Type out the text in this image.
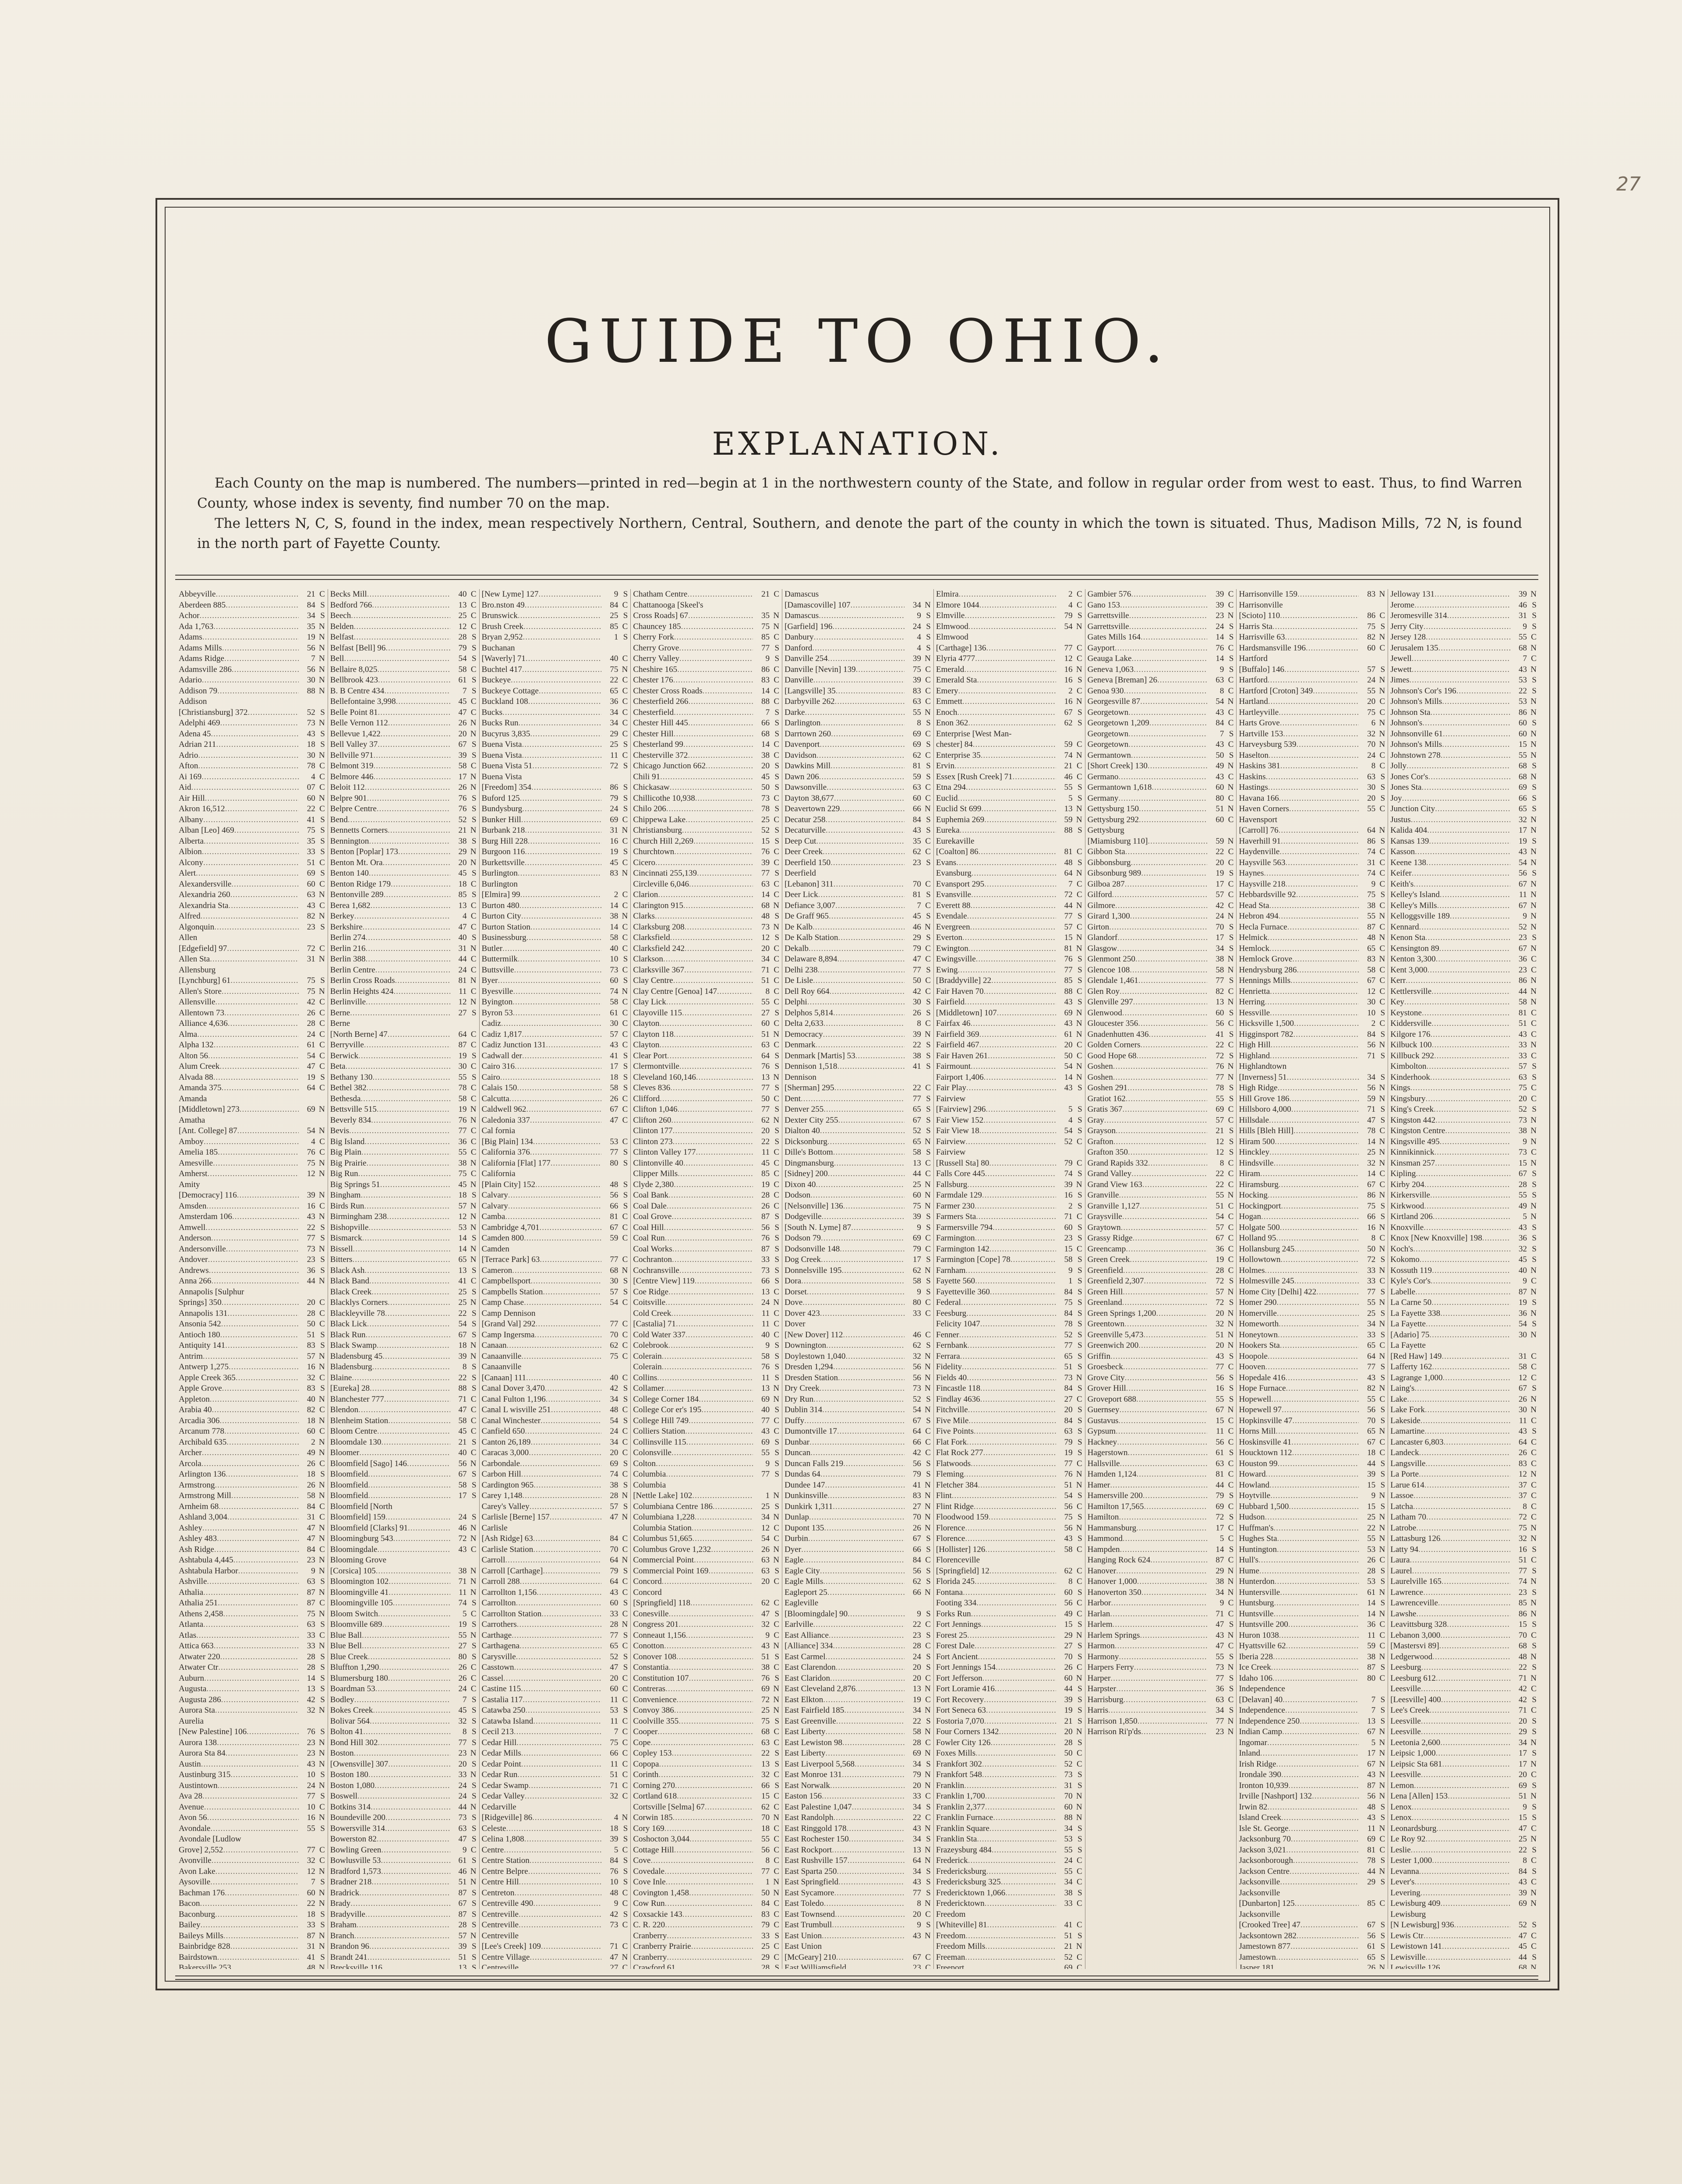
27
GUIDE TO OHIO.
EXPLANATION.

Each County on the map is numbered. The numbers—printed in red—begin at 1 in the northwestern county of the State, and follow in regular order from west to east. Thus, to find Warren County, whose index is seventy, find number 70 on the map.

The letters N, C, S, found in the index, mean respectively Northern, Central, Southern, and denote the part of the county in which the town is situated. Thus, Madison Mills, 72 N, is found in the north part of Fayette County.

Abbeyville
.....	21 C
Aberdeen 885
.....	84 S
Achor
.....	34 S
Ada 1,763
.....	35 N
Adams
.....	19 N
Adams Mills
.....	56 N
Adams Ridge
.....	7 N
Adamsville 286
.....	56 N
Adario
.....	30 N
Addison 79
.....	88 N
Addison
[Christiansburg] 372
.....	52 S
Adelphi 469
.....	73 N
Adena 45
.....	43 S
Adrian 211
.....	18 S
Adrio
.....	30 N
Afton
.....	78 C
Ai 169
.....	4 C
Aid
.....	07 C
Air Hill
.....	60 N
Akron 16,512
.....	22 C
Albany
.....	41 S
Alban [Leo] 469
.....	75 S
Alberta
.....	35 S
Albion
.....	33 S
Alcony
.....	51 C
Alert
.....	69 S
Alexandersville
.....	60 C
Alexandria 260
.....	63 N
Alexandria Sta
.....	43 C
Alfred
.....	82 N
Algonquin
.....	23 S
Allen
[Edgefield] 97
.....	72 C
Allen Sta
.....	31 N
Allensburg
[Lynchburg] 61
.....	75 S
Allen's Store
.....	75 N
Allensville
.....	42 C
Allentown 73
.....	26 C
Alliance 4,636
.....	28 C
Alma
.....	24 C
Alpha 132
.....	61 C
Alton 56
.....	54 C
Alum Creek
.....	47 C
Alvada 88
.....	19 S
Amanda 375
.....	64 C
Amanda
[Middletown] 273
.....	69 N
Amatha
[Ant. College] 87
.....	54 N
Amboy
.....	4 C
Amelia 185
.....	76 C
Amesville
.....	75 N
Amherst
.....	12 N
Amity
[Democracy] 116
.....	39 N
Amsden
.....	16 C
Amsterdam 106
.....	43 N
Amwell
.....	22 S
Anderson
.....	77 S
Andersonville
.....	73 N
Andover
.....	23 S
Andrews
.....	36 S
Anna 266
.....	44 N
Annapolis [Sulphur
Springs] 350
.....	20 C
Annapolis 131
.....	28 C
Ansonia 542
.....	50 C
Antioch 180
.....	51 S
Antiquity 141
.....	83 S
Antrim
.....	57 N
Antwerp 1,275
.....	16 N
Apple Creek 365
.....	32 C
Apple Grove
.....	83 S
Appleton
.....	40 N
Arabia 40
.....	82 C
Arcadia 306
.....	18 N
Arcanum 778
.....	60 C
Archibald 635
.....	2 N
Archer
.....	49 N
Arcola
.....	26 C
Arlington 136
.....	18 S
Armstrong
.....	26 N
Armstrong Mill
.....	58 N
Arnheim 68
.....	84 C
Ashland 3,004
.....	31 C
Ashley
.....	47 N
Ashley 483
.....	47 N
Ash Ridge
.....	84 C
Ashtabula 4,445
.....	23 N
Ashtabula Harbor
.....	9 N
Ashville
.....	63 S
Athalia
.....	87 N
Athalia 251
.....	87 C
Athens 2,458
.....	75 N
Atlanta
.....	63 S
Atlas
.....	33 C
Attica 663
.....	33 N
Atwater 220
.....	28 S
Atwater Ctr
.....	28 S
Auburn
.....	14 S
Augusta
.....	13 S
Augusta 286
.....	42 S
Aurora Sta
.....	32 N
Aurelia
[New Palestine] 106
.....	76 S
Aurora 138
.....	23 N
Aurora Sta 84
.....	23 N
Austin
.....	43 N
Austinburg 315
.....	10 S
Austintown
.....	24 N
Ava 28
.....	77 S
Avenue
.....	10 C
Avon 56
.....	16 N
Avondale
.....	55 S
Avondale [Ludlow
Grove] 2,552
.....	77 C
Avonville
.....	32 C
Avon Lake
.....	12 N
Aysoville
.....	7 S
Bachman 176
.....	60 N
Bacon
.....	22 N
Baconburg
.....	18 S
Bailey
.....	33 S
Baileys Mills
.....	87 N
Bainbridge 828
.....	31 N
Bairdstown
.....	41 S
Bakersville 253
.....	48 N
Becks Mill
.....	40 C
Bedford 766
.....	13 C
Beech
.....	25 C
Belden
.....	12 C
Belfast
.....	28 S
Belfast [Bell] 96
.....	79 S
Bell
.....	54 S
Bellaire 8,025
.....	58 C
Bellbrook 423
.....	61 S
B. B Centre 434
.....	7 S
Bellefontaine 3,998
.....	45 C
Belle Point 81
.....	47 C
Belle Vernon 112
.....	26 N
Bellevue 1,422
.....	20 N
Bell Valley 37
.....	67 S
Bellville 971
.....	39 S
Belmont 319
.....	58 C
Belmore 446
.....	17 N
Beloit 112
.....	26 N
Belpre 901
.....	76 S
Belpre Centre
.....	76 S
Bend
.....	52 S
Bennetts Corners
.....	21 N
Bennington
.....	38 S
Benton [Poplar] 173
.....	29 N
Benton Mt. Ora
.....	20 N
Benton 140
.....	45 S
Benton Ridge 179
.....	18 C
Bentonville 289
.....	85 S
Berea 1,682
.....	13 C
Berkey
.....	4 C
Berkshire
.....	47 C
Berlin 274
.....	40 S
Berlin 216
.....	31 N
Berlin 388
.....	44 C
Berlin Centre
.....	24 C
Berlin Cross Roads
.....	81 N
Berlin Heights 424
.....	11 C
Berlinville
.....	12 N
Berne
.....	27 S
Berne
[North Berne] 47
.....	64 C
Berryville
.....	87 C
Berwick
.....	19 S
Beta
.....	30 C
Bethany 130
.....	55 S
Bethel 382
.....	78 C
Bethesda
.....	58 C
Bettsville 515
.....	19 N
Beverly 834
.....	76 N
Bevis
.....	77 C
Big Island
.....	36 C
Big Plain
.....	55 C
Big Prairie
.....	38 N
Big Run
.....	75 C
Big Springs 51
.....	45 N
Bingham
.....	18 S
Birds Run
.....	57 N
Birmingham 238
.....	12 N
Bishopville
.....	53 N
Bismarck
.....	14 S
Bissell
.....	14 N
Bitters
.....	65 N
Black Ash
.....	13 S
Black Band
.....	41 C
Black Creek
.....	25 S
Blacklys Corners
.....	25 N
Blackleyville 78
.....	22 S
Black Lick
.....	54 S
Black Run
.....	67 S
Black Swamp
.....	18 N
Bladensburg 45
.....	39 N
Bladensburg
.....	8 S
Blaine
.....	22 S
[Eureka] 28
.....	88 S
Blanchester 777
.....	71 C
Blendon
.....	47 C
Blenheim Station
.....	58 C
Bloom Centre
.....	45 C
Bloomdale 130
.....	21 S
Bloomer
.....	40 C
Bloomfield [Sago] 146
.....	56 N
Bloomfield
.....	67 S
Bloomfield
.....	58 S
Bloomfield
.....	17 S
Bloomfield [North
Bloomfield] 159
.....	24 S
Bloomfield [Clarks] 91
.....	46 N
Bloomingburg 543
.....	72 N
Bloomingdale
.....	43 C
Blooming Grove
[Corsica] 105
.....	38 N
Bloomington 102
.....	71 N
Bloomingville 41
.....	11 N
Bloomingville 105
.....	74 S
Bloom Switch
.....	5 C
Bloomville 689
.....	19 S
Blue Ball
.....	55 N
Blue Bell
.....	27 S
Blue Creek
.....	80 S
Bluffton 1,290
.....	26 C
Blumersburg 180
.....	26 C
Boardman 53
.....	24 C
Bodley
.....	7 S
Bokes Creek
.....	45 S
Bolivar 564
.....	32 S
Bolton 41
.....	8 S
Bond Hill 302
.....	77 S
Boston
.....	23 N
[Owensville] 307
.....	20 S
Boston 180
.....	33 N
Boston 1,080
.....	24 S
Boswell
.....	24 S
Botkins 314
.....	44 N
Boundeville 200
.....	73 S
Bowersville 314
.....	63 S
Bowerston 82
.....	47 S
Bowling Green
.....	9 C
Bowlusville 53
.....	61 S
Bradford 1,573
.....	46 N
Bradner 218
.....	51 N
Bradrick
.....	87 S
Brady
.....	67 S
Bradyville
.....	87 S
Braham
.....	28 S
Branch
.....	57 N
Brandon 96
.....	39 S
Brandt 241
.....	51 S
Brecksville 116
.....	13 S
[New Lyme] 127
.....	9 S
Bro.nston 49
.....	84 C
Brunswick
.....	25 S
Brush Creek
.....	85 C
Bryan 2,952
.....	1 S
Buchanan
[Waverly] 71
.....	40 C
Buchtel 417
.....	75 N
Buckeye
.....	22 C
Buckeye Cottage
.....	65 C
Buckland 108
.....	36 C
Bucks
.....	34 C
Bucks Run
.....	34 C
Bucyrus 3,835
.....	29 C
Buena Vista
.....	25 S
Buena Vista
.....	11 C
Buena Vista 51
.....	72 S
Buena Vista
[Freedom] 354
.....	86 S
Buford 125
.....	79 S
Bundysburg
.....	24 S
Bunker Hill
.....	69 C
Burbank 218
.....	31 N
Burg Hill 228
.....	16 C
Burgoon 116
.....	19 S
Burkettsville
.....	45 C
Burlington
.....	83 N
Burlington
[Elmira] 99
.....	2 C
Burton 480
.....	14 C
Burton City
.....	38 N
Burton Station
.....	14 C
Businessburg
.....	58 C
Butler
.....	40 C
Buttermilk
.....	10 S
Buttsville
.....	73 C
Byer
.....	60 S
Byesville
.....	74 N
Byington
.....	58 C
Byron 53
.....	61 C
Cadiz
.....	30 C
Cadiz 1,817
.....	57 C
Cadiz Junction 131
.....	43 C
Cadwall der
.....	41 S
Cairo 316
.....	17 S
Cairo
.....	18 S
Calais 150
.....	58 S
Calcutta
.....	26 C
Caldwell 962
.....	67 C
Caledonia 337
.....	47 C
Cal fornia
[Big Plain] 134
.....	53 C
California 376
.....	77 S
California [Flat] 177
.....	80 S
California
[Plain City] 152
.....	48 S
Calvary
.....	56 S
Calvary
.....	66 S
Camba
.....	81 C
Cambridge 4,701
.....	67 C
Camden 800
.....	59 C
Camden
[Terrace Park] 63
.....	77 C
Cameron
.....	68 N
Campbellsport
.....	30 S
Campbells Station
.....	57 S
Camp Chase
.....	54 C
Camp Dennison
[Grand Val] 292
.....	77 C
Camp Ingersma
.....	70 C
Canaan
.....	62 C
Canaanville
.....	75 C
Canaanville
[Canaan] 111
.....	40 C
Canal Dover 3,470
.....	42 S
Canal Fulton 1,196
.....	34 S
Canal L wisville 251
.....	48 C
Canal Winchester
.....	54 S
Canfield 650
.....	24 C
Canton 26,189
.....	34 C
Caracas 3,000
.....	20 C
Carbondale
.....	69 S
Carbon Hill
.....	74 C
Cardington 965
.....	38 S
Carey 1,148
.....	28 N
Carey's Valley
.....	57 S
Carlisle [Berne] 157
.....	47 N
Carlisle
[Ash Ridge] 63
.....	84 C
Carlisle Station
.....	70 C
Carroll
.....	64 N
Carroll [Carthage]
.....	79 S
Carroll 288
.....	64 C
Carrollton 1,156
.....	43 C
Carrollton
.....	60 S
Carrollton Station
.....	33 C
Carrothers
.....	28 N
Carthage
.....	77 S
Carthagena
.....	65 C
Carysville
.....	52 S
Casstown
.....	47 S
Cassel
.....	20 C
Castine 115
.....	60 C
Castalia 117
.....	11 C
Catawba 250
.....	53 S
Catawba Island
.....	11 C
Cecil 213
.....	7 C
Cedar Hill
.....	75 C
Cedar Mills
.....	66 C
Cedar Point
.....	11 C
Cedar Run
.....	51 C
Cedar Swamp
.....	71 C
Cedar Valley
.....	32 C
Cedarville
[Ridgeville] 86
.....	4 N
Celeste
.....	18 S
Celina 1,808
.....	39 S
Centre
.....	5 C
Centre Station
.....	84 S
Centre Belpre
.....	76 S
Centre Hill
.....	10 S
Centreton
.....	48 C
Centreville 490
.....	9 C
Centreville
.....	42 S
Centreville
.....	73 C
Centreville
[Lee's Creek] 109
.....	71 C
Centre Village
.....	47 N
Centreville
.....	27 C
Chatham Centre
.....	21 C
Chattanooga [Skeel's
Cross Roads] 67
.....	35 N
Chauncey 185
.....	75 N
Cherry Fork
.....	85 C
Cherry Grove
.....	77 S
Cherry Valley
.....	9 S
Cheshire 165
.....	86 C
Chester 176
.....	83 C
Chester Cross Roads
.....	14 C
Chesterfield 266
.....	88 C
Chesterfield
.....	7 S
Chester Hill 445
.....	66 S
Chester Hill
.....	68 S
Chesterland 99
.....	14 C
Chesterville 372
.....	38 C
Chicago Junction 662
.....	20 S
Chili 91
.....	45 S
Chickasaw
.....	50 S
Chillicothe 10,938
.....	73 C
Chilo 206
.....	78 S
Chippewa Lake
.....	25 C
Christiansburg
.....	52 S
Church Hill 2,269
.....	15 S
Churchtown
.....	76 C
Cicero
.....	39 C
Cincinnati 255,139
.....	77 S
Circleville 6,046
.....	63 C
Clarion
.....	14 C
Clarington 915
.....	68 N
Clarks
.....	48 S
Clarksburg 208
.....	73 N
Clarksfield
.....	12 S
Clarksfield 242
.....	20 C
Clarkson
.....	34 C
Clarksville 367
.....	71 C
Clay Centre
.....	51 C
Clay Centre [Genoa] 147
.....	8 C
Clay Lick
.....	55 C
Clayoville 115
.....	27 S
Clayton
.....	60 C
Clayton 118
.....	51 N
Clayton
.....	63 C
Clear Port
.....	64 S
Clermontville
.....	76 S
Cleveland 160,146
.....	13 N
Cleves 836
.....	77 S
Clifford
.....	50 C
Clifton 1,046
.....	77 S
Clifton 260
.....	62 N
Clinton 177
.....	20 S
Clinton 273
.....	22 S
Clinton Valley 177
.....	11 C
Clintonville 40
.....	45 C
Clipper Mills
.....	85 C
Clyde 2,380
.....	19 C
Coal Bank
.....	28 C
Coal Dale
.....	26 C
Coal Grove
.....	87 S
Coal Hill
.....	56 S
Coal Run
.....	76 S
Coal Works
.....	87 S
Cochranton
.....	33 S
Cochransville
.....	73 S
[Centre View] 119
.....	66 S
Coe Ridge
.....	13 C
Coitsville
.....	24 N
Cold Creek
.....	11 C
[Castalia] 71
.....	11 C
Cold Water 337
.....	40 C
Colebrook
.....	9 S
Colerain
.....	58 S
Colerain
.....	76 S
Collins
.....	11 S
Collamer
.....	13 N
College Corner 184
.....	69 N
College Cor er's 195
.....	40 S
College Hill 749
.....	77 C
Colliers Station
.....	43 C
Collinsville 115
.....	69 S
Colonsville
.....	55 S
Colton
.....	9 S
Columbia
.....	77 S
Columbia
[Nettle Lake] 102
.....	1 N
Columbiana Centre 186
.....	25 S
Columbiana 1,228
.....	34 N
Columbia Station
.....	12 C
Columbus 51,665
.....	54 C
Columbus Grove 1,232
.....	26 N
Commercial Point
.....	63 N
Commercial Point 169
.....	63 S
Concord
.....	20 C
Concord
[Springfield] 118
.....	62 C
Conesville
.....	47 S
Congress 201
.....	32 C
Conneaut 1,156
.....	9 C
Conotton
.....	43 N
Conover 108
.....	51 S
Constantia
.....	38 C
Constitution 107
.....	76 S
Contreras
.....	69 N
Convenience
.....	72 N
Convoy 386
.....	25 N
Coolville 355
.....	75 S
Cooper
.....	68 C
Cope
.....	63 C
Copley 153
.....	22 S
Copopa
.....	13 S
Corinth
.....	32 C
Corning 270
.....	66 S
Cortland 618
.....	15 C
Cortsville [Selma] 67
.....	62 C
Corwin 185
.....	70 N
Cory 169
.....	18 C
Coshocton 3,044
.....	55 C
Cottage Hill
.....	56 C
Cove
.....	8 C
Covedale
.....	77 C
Cove Inle
.....	1 N
Covington 1,458
.....	50 N
Cow Run
.....	84 C
Coxsackie 143
.....	83 C
C. R. 220
.....	79 C
Cranberry
.....	33 S
Cranberry Prairie
.....	25 C
Cranberry
.....	29 C
Crawford 61
.....	28 S
Damascus
[Damascoville] 107
.....	34 N
Damascus
.....	9 S
[Garfield] 196
.....	24 S
Danbury
.....	4 S
Danford
.....	4 S
Danville 254
.....	39 N
Danville [Nevin] 139
.....	75 C
Danville
.....	39 C
[Langsville] 35
.....	83 C
Darbyville 262
.....	63 C
Darke
.....	55 N
Darlington
.....	8 S
Darrtown 260
.....	69 C
Davenport
.....	69 S
Davidson
.....	62 C
Dawkins Mill
.....	81 S
Dawn 206
.....	59 S
Dawsonville
.....	63 C
Dayton 38,677
.....	60 C
Deavertown 229
.....	66 N
Decatur 258
.....	84 S
Decaturville
.....	43 S
Deep Cut
.....	35 C
Deer Creek
.....	62 C
Deerfield 150
.....	23 S
Deerfield
[Lebanon] 311
.....	70 C
Deer Lick
.....	81 S
Defiance 3,007
.....	7 C
De Graff 965
.....	45 S
De Kalb
.....	46 N
De Kalb Station
.....	29 S
Dekalb
.....	79 C
Delaware 8,894
.....	47 C
Delhi 238
.....	77 S
De Lisle
.....	50 C
Dell Roy 664
.....	42 C
Delphi
.....	30 S
Delphos 5,814
.....	26 S
Delta 2,633
.....	8 C
Democracy
.....	39 N
Denmark
.....	22 S
Denmark [Martis] 53
.....	38 S
Dennison 1,518
.....	41 S
Dennison
[Sherman] 295
.....	22 C
Dent
.....	77 S
Denver 255
.....	65 S
Dexter City 255
.....	67 S
Dialton 40
.....	52 S
Dicksonburg
.....	65 N
Dille's Bottom
.....	58 S
Dingmansburg
.....	13 C
[Sidney] 200
.....	44 C
Dixon 40
.....	25 N
Dodson
.....	60 N
[Nelsonville] 136
.....	75 N
Dodgeville
.....	39 S
[South N. Lyme] 87
.....	9 S
Dodson 79
.....	69 C
Dodsonville 148
.....	79 C
Dog Creek
.....	17 S
Donnelsville 195
.....	62 N
Dora
.....	58 S
Dorset
.....	9 S
Dove
.....	80 C
Dover 423
.....	33 C
Dover
[New Dover] 112
.....	46 C
Downington
.....	62 S
Doylestown 1,040
.....	32 N
Dresden 1,294
.....	56 N
Dresden Station
.....	56 N
Dry Creek
.....	73 N
Dry Run
.....	52 S
Dublin 314
.....	54 N
Duffy
.....	67 S
Dumontville 17
.....	64 C
Dunbar
.....	66 C
Duncan
.....	42 C
Duncan Falls 219
.....	56 S
Dundas 64
.....	79 S
Dundee 147
.....	41 N
Dunkinsville
.....	83 N
Dunkirk 1,311
.....	27 N
Dunlap
.....	70 N
Dupont 135
.....	26 N
Durbin
.....	67 S
Dyer
.....	66 S
Eagle
.....	84 C
Eagle City
.....	56 S
Eagle Mills
.....	62 S
Eagleport 25
.....	66 N
Eagleville
[Bloomingdale] 90
.....	9 S
Earlville
.....	22 C
East Alliance
.....	23 S
[Alliance] 334
.....	28 C
East Carmel
.....	24 S
East Clarendon
.....	20 S
East Claridon
.....	20 C
East Cleveland 2,876
.....	13 N
East Elkton
.....	19 C
East Fairfield 185
.....	34 N
East Greenville
.....	22 S
East Liberty
.....	58 N
East Lewiston 98
.....	28 C
East Liberty
.....	69 N
East Liverpool 5,568
.....	34 S
East Monroe 131
.....	79 N
East Norwalk
.....	20 N
Easton 156
.....	33 C
East Palestine 1,047
.....	34 S
East Randolph
.....	22 C
East Ringgold 178
.....	43 N
East Rochester 150
.....	34 S
East Rockport
.....	13 N
East Rushville 157
.....	64 N
East Sparta 250
.....	34 S
East Springfield
.....	43 S
East Sycamore
.....	77 S
East Toledo
.....	8 N
East Townsend
.....	20 C
East Trumbull
.....	9 S
East Union
.....	43 N
East Union
[McGeary] 210
.....	67 C
East Williamsfield
.....	23 C
Elmira
.....	2 C
Elmore 1044
.....	4 C
Elmville
.....	79 S
Elmwood
.....	54 N
Elmwood
[Carthage] 136
.....	77 C
Elyria 4777
.....	12 C
Emerald
.....	16 N
Emerald Sta
.....	16 S
Emery
.....	2 C
Emmett
.....	16 N
Enoch
.....	67 S
Enon 362
.....	62 S
Enterprise [West Man-
chester] 84
.....	59 C
Enterprise 35
.....	74 N
Ervin
.....	21 C
Essex [Rush Creek] 71
.....	46 C
Etna 294
.....	55 S
Euclid
.....	5 S
Euclid St 699
.....	13 N
Euphemia 269
.....	59 N
Eureka
.....	88 S
Eurekaville
[Coalton] 86
.....	81 C
Evans
.....	48 S
Evansburg
.....	64 N
Evansport 295
.....	7 C
Evansville
.....	72 C
Everett 88
.....	44 N
Evendale
.....	77 S
Evergreen
.....	57 C
Everton
.....	15 N
Ewington
.....	81 N
Ewingsville
.....	76 S
Ewing
.....	77 S
[Braddyville] 22
.....	85 S
Fair Haven 70
.....	88 C
Fairfield
.....	43 S
[Middletown] 107
.....	69 N
Fairfax 46
.....	43 N
Fairfield 369
.....	61 N
Fairfield 467
.....	20 C
Fair Haven 261
.....	50 C
Fairmount
.....	54 N
Fairport 1,406
.....	14 N
Fair Play
.....	43 S
Fairview
[Fairview] 296
.....	5 S
Fair View 152
.....	4 S
Fair View 18
.....	54 S
Fairview
.....	52 C
Fairview
[Russell Sta] 80
.....	79 C
Falls Core 445
.....	74 S
Fallsburg
.....	39 N
Farmdale 129
.....	16 S
Farmer 230
.....	2 S
Farmers Sta
.....	71 C
Farmersville 794
.....	60 S
Farmington
.....	23 S
Farmington 142
.....	15 C
Farmington [Cope] 78
.....	58 S
Farnham
.....	9 S
Fayette 560
.....	1 S
Fayetteville 360
.....	84 S
Federal
.....	75 S
Feesburg
.....	84 S
Felicity 1047
.....	78 S
Fenner
.....	52 S
Fernbank
.....	77 S
Ferrara
.....	65 S
Fidelity
.....	51 S
Fields 40
.....	73 N
Fincastle 118
.....	84 S
Findlay 4636
.....	27 C
Fitchville
.....	20 S
Five Mile
.....	84 S
Five Points
.....	63 S
Flat Fork
.....	79 S
Flat Rock 277
.....	19 S
Flatwoods
.....	77 C
Fleming
.....	76 N
Fletcher 384
.....	51 N
Flint
.....	54 S
Flint Ridge
.....	56 C
Floodwood 159
.....	75 S
Florence
.....	56 N
Florence
.....	43 S
[Hollister] 126
.....	58 C
Florenceville
[Springfield] 12
.....	62 C
Florida 245
.....	8 C
Fontana
.....	60 S
Footing 334
.....	56 C
Forks Run
.....	49 C
Fort Jennings
.....	15 S
Forest 25
.....	29 N
Forest Dale
.....	27 S
Fort Ancient
.....	70 S
Fort Jennings 154
.....	26 C
Fort Jefferson
.....	60 N
Fort Loramie 416
.....	44 S
Fort Recovery
.....	39 S
Fort Seneca 63
.....	19 S
Fostoria 7,070
.....	21 S
Four Corners 1342
.....	20 N
Fowler City 126
.....	28 S
Foxes Mills
.....	50 C
Frankfort 302
.....	52 C
Frankfort 548
.....	73 S
Franklin
.....	31 S
Franklin 1,700
.....	70 N
Franklin 2,377
.....	60 N
Franklin Furnace
.....	88 N
Franklin Square
.....	34 S
Franklin Sta
.....	53 S
Frazeysburg 484
.....	55 S
Frederick
.....	24 C
Fredericksburg
.....	55 C
Fredericksburg 325
.....	34 C
Fredericktown 1,066
.....	38 S
Fredericktown
.....	33 C
Freedom
[Whiteville] 81
.....	41 C
Freedom
.....	51 S
Freedom Mills
.....	21 N
Freeman
.....	52 C
Freeport
.....	69 C
Gambier 576
.....	39 C
Gano 153
.....	39 C
Garrettsville
.....	23 N
Garrettsville
.....	24 S
Gates Mills 164
.....	14 S
Gayport
.....	76 C
Geauga Lake
.....	14 S
Geneva 1,063
.....	9 S
Geneva [Breman] 26
.....	63 C
Genoa 930
.....	8 C
Georgesville 87
.....	54 N
Georgetown
.....	43 C
Georgetown 1,209
.....	84 C
Georgetown
.....	7 S
Georgetown
.....	43 C
Germantown
.....	50 S
[Short Creek] 130
.....	49 N
Germano
.....	43 C
Germantown 1,618
.....	60 N
Germany
.....	80 C
Gettysburg 150
.....	51 N
Gettysburg 292
.....	60 C
Gettysburg
[Miamisburg 110]
.....	59 N
Gibbon Sta
.....	22 C
Gibbonsburg
.....	20 C
Gibsonburg 989
.....	19 S
Gilboa 287
.....	17 C
Gilford
.....	57 C
Gilmore
.....	42 C
Girard 1,300
.....	24 N
Girton
.....	70 S
Glandorf
.....	17 S
Glasgow
.....	34 S
Glenmont 250
.....	38 N
Glencoe 108
.....	58 N
Glendale 1,461
.....	77 S
Glen Roy
.....	82 C
Glenville 297
.....	13 N
Glenwood
.....	60 S
Gloucester 356
.....	56 C
Gnadenhutten 436
.....	41 S
Golden Corners
.....	22 C
Good Hope 68
.....	72 S
Goshen
.....	76 N
Goshen
.....	77 N
Goshen 291
.....	78 S
Gratiot 162
.....	55 S
Gratis 367
.....	69 C
Gray
.....	57 C
Grayson
.....	21 S
Grafton
.....	12 S
Grafton 350
.....	12 S
Grand Rapids 332
.....	8 C
Grand Valley
.....	22 C
Grand View 163
.....	22 C
Granville
.....	55 N
Granville 1,127
.....	51 C
Graysville
.....	54 C
Graytown
.....	57 C
Grassy Ridge
.....	67 C
Greencamp
.....	36 C
Green Creek
.....	19 C
Greenfield
.....	28 C
Greenfield 2,307
.....	72 S
Green Hill
.....	57 N
Greenland
.....	72 S
Green Springs 1,200
.....	20 N
Greentown
.....	32 N
Greenville 5,473
.....	51 N
Greenwich 200
.....	20 N
Griffin
.....	43 S
Groesbeck
.....	77 C
Grove City
.....	56 S
Grover Hill
.....	16 S
Groveport 688
.....	55 S
Guernsey
.....	67 N
Gustavus
.....	15 C
Gypsum
.....	11 C
Hackney
.....	56 C
Hagerstown
.....	61 S
Hallsville
.....	63 C
Hamden 1,124
.....	81 C
Hamer
.....	44 C
Hamersville 200
.....	79 S
Hamilton 17,565
.....	69 C
Hamilton
.....	72 S
Hammansburg
.....	17 C
Hammond
.....	5 C
Hampden
.....	14 S
Hanging Rock 624
.....	87 C
Hanover
.....	29 N
Hanover 1,000
.....	38 N
Hanoverton 350
.....	34 N
Harbor
.....	9 C
Harlan
.....	71 C
Harlem
.....	47 S
Harlem Springs
.....	43 N
Harmon
.....	47 C
Harmony
.....	55 S
Harpers Ferry
.....	73 N
Harper
.....	77 S
Harpster
.....	36 S
Harrisburg
.....	63 C
Harris
.....	34 S
Harrison 1,850
.....	77 N
Harrison Ri'p'ds
.....	23 N
Harrisonville 159
.....	83 N
Harrisonville
[Scioto] 110
.....	86 C
Harris Sta
.....	75 S
Harrisville 63
.....	82 N
Hardsmansville 196
.....	60 C
Hartford
[Buffalo] 146
.....	57 S
Hartford
.....	24 N
Hartford [Croton] 349
.....	55 N
Hartland
.....	20 C
Hartleyville
.....	75 C
Harts Grove
.....	6 N
Hartville 153
.....	32 N
Harveysburg 539
.....	70 N
Haselton
.....	24 C
Haskins 381
.....	8 C
Haskins
.....	63 S
Hastings
.....	30 S
Havana 166
.....	20 S
Haven Corners
.....	55 C
Havensport
[Carroll] 76
.....	64 N
Haverhill 91
.....	86 S
Haydenville
.....	74 C
Haysville 563
.....	31 C
Haynes
.....	74 C
Haysville 218
.....	9 C
Hebbardsville 92
.....	75 S
Head Sta
.....	38 C
Hebron 494
.....	55 N
Hecla Furnace
.....	87 C
Helmick
.....	48 N
Hemlock
.....	65 C
Hemlock Grove
.....	83 N
Hendrysburg 286
.....	58 C
Hennings Mills
.....	67 C
Henrietta
.....	12 C
Herring
.....	30 C
Hessville
.....	10 S
Hicksville 1,500
.....	2 C
Higginsport 782
.....	84 S
High Hill
.....	56 N
Highland
.....	71 S
Highlandtown
[Inverness] 51
.....	34 S
High Ridge
.....	56 N
Hill Grove 186
.....	59 N
Hillsboro 4,000
.....	71 S
Hillsdale
.....	47 S
Hills [Bleh Hill]
.....	78 C
Hiram 500
.....	14 N
Hinckley
.....	25 N
Hindsville
.....	32 N
Hiram
.....	14 C
Hiramsburg
.....	67 C
Hocking
.....	86 N
Hockingport
.....	75 S
Hogan
.....	66 S
Holgate 500
.....	16 N
Holland 95
.....	8 C
Hollansburg 245
.....	50 N
Hollowtown
.....	72 S
Holmes
.....	33 N
Holmesville 245
.....	33 C
Home City [Delhi] 422
.....	77 S
Homer 290
.....	55 N
Homerville
.....	25 S
Homeworth
.....	34 N
Honeytown
.....	33 S
Hookers Sta
.....	65 C
Hoopole
.....	64 N
Hooven
.....	77 S
Hopedale 416
.....	43 S
Hope Furnace
.....	82 N
Hopewell
.....	55 C
Hopewell 97
.....	56 S
Hopkinsville 47
.....	70 S
Horns Mill
.....	65 N
Hoskinsville 41
.....	67 C
Houcktown 112
.....	18 C
Houston 99
.....	44 S
Howard
.....	39 S
Howland
.....	15 S
Hoytville
.....	9 N
Hubbard 1,500
.....	15 S
Hudson
.....	25 N
Huffman's
.....	22 N
Hughes Sta
.....	55 N
Huntington
.....	53 N
Hull's
.....	26 C
Hume
.....	28 S
Hunterdon
.....	53 S
Huntersville
.....	61 N
Huntsburg
.....	14 S
Huntsville
.....	14 N
Huntsville 200
.....	36 C
Huron 1038
.....	11 C
Hyattsville 62
.....	59 C
Iberia 228
.....	38 N
Ice Creek
.....	87 S
Idaho 106
.....	80 C
Independence
[Delavan] 40
.....	7 S
Independence
.....	7 S
Independence 250
.....	13 S
Indian Camp
.....	67 N
Ingomar
.....	5 N
Inland
.....	17 N
Irish Ridge
.....	67 N
Irondale 390
.....	43 N
Ironton 10,939
.....	87 N
Irville [Nashport] 132
.....	56 N
Irwin 82
.....	48 S
Island Creek
.....	43 S
Isle St. George
.....	11 N
Jacksonburg 70
.....	69 C
Jackson 3,021
.....	81 C
Jacksonborough
.....	78 S
Jackson Centre
.....	44 N
Jacksonville
.....	29 S
Jacksonville
[Dunbarton] 125
.....	85 C
Jacksonville
[Crooked Tree] 47
.....	67 S
Jacksontown 282
.....	56 S
Jamestown 877
.....	61 S
Jamestown
.....	65 S
Jasper 181
.....	26 N
Jelloway 131
.....	39 N
Jerome
.....	46 S
Jeromesville 314
.....	31 S
Jerry City
.....	9 S
Jersey 128
.....	55 C
Jerusalem 135
.....	68 N
Jewell
.....	7 C
Jewett
.....	43 N
Jimes
.....	53 S
Johnson's Cor's 196
.....	22 S
Johnson's Mills
.....	53 N
Johnson Sta
.....	86 N
Johnson's
.....	60 S
Johnsonville 61
.....	60 N
Johnson's Mills
.....	15 N
Johnstown 278
.....	55 N
Jolly
.....	68 S
Jones Cor's
.....	68 N
Jones Sta
.....	69 S
Joy
.....	66 S
Junction City
.....	65 S
Justus
.....	32 N
Kalida 404
.....	17 N
Kansas 139
.....	19 S
Kasson
.....	43 N
Keene 138
.....	54 N
Keifer
.....	56 S
Keith's
.....	67 N
Kelley's Island
.....	11 N
Kelley's Mills
.....	67 N
Kelloggsville 189
.....	9 N
Kennard
.....	52 N
Kenon Sta
.....	23 S
Kensington 89
.....	67 N
Kenton 3,300
.....	36 C
Kent 3,000
.....	23 C
Kerr
.....	86 N
Kettlersville
.....	44 N
Key
.....	58 N
Keystone
.....	81 C
Kiddersville
.....	51 C
Kilgore 176
.....	43 C
Kilbuck 100
.....	33 N
Killbuck 292
.....	33 C
Kimbolton
.....	57 S
Kinderhook
.....	63 S
Kings
.....	75 C
Kingsbury
.....	20 C
King's Creek
.....	52 S
Kingston 442
.....	73 N
Kingston Centre
.....	38 N
Kingsville 495
.....	9 N
Kinnikinnick
.....	73 C
Kinsman 257
.....	15 N
Kipling
.....	67 S
Kirby 204
.....	28 S
Kirkersville
.....	55 S
Kirkwood
.....	49 N
Kirtland 206
.....	5 N
Knoxville
.....	43 S
Knox [New Knoxville] 198
.....	36 S
Koch's
.....	32 S
Kokomo
.....	45 S
Kossuth 119
.....	40 N
Kyle's Cor's
.....	9 C
Labelle
.....	87 N
La Carne 50
.....	19 S
La Fayette 338
.....	36 N
La Fayette
.....	54 S
[Adario] 75
.....	30 N
La Fayette
[Red Haw] 149
.....	31 C
Lafferty 162
.....	58 C
Lagrange 1,000
.....	12 C
Laing's
.....	67 S
Lake
.....	26 N
Lake Fork
.....	30 N
Lakeside
.....	11 C
Lamartine
.....	43 S
Lancaster 6,803
.....	64 C
Landeck
.....	26 C
Langsville
.....	83 C
La Porte
.....	12 N
Larue 614
.....	37 C
Lassoe
.....	37 C
Latcha
.....	8 C
Latham 70
.....	72 C
Latrobe
.....	75 N
Lattasburg 126
.....	32 N
Latty 94
.....	16 S
Laura
.....	51 C
Laurel
.....	77 S
Laurelville 165
.....	74 N
Lawrence
.....	23 S
Lawrenceville
.....	85 N
Lawshe
.....	86 N
Leavittsburg 328
.....	15 S
Lebanon 3,000
.....	70 C
[Mastersvi 89]
.....	68 S
Ledgerwood
.....	48 N
Leesburg
.....	22 S
Leesburg 612
.....	71 N
Leesville
.....	42 C
[Leesville] 400
.....	42 S
Lee's Creek
.....	71 C
Leesville
.....	20 S
Leesville
.....	29 S
Leetonia 2,600
.....	34 N
Leipsic 1,000
.....	17 S
Leipsic Sta 681
.....	17 N
Leesville
.....	20 C
Lemon
.....	69 S
Lena [Allen] 153
.....	51 N
Lenox
.....	9 S
Lenox
.....	15 S
Leonardsburg
.....	47 C
Le Roy 92
.....	25 N
Leslie
.....	22 S
Lester 1,000
.....	8 C
Levanna
.....	84 S
Lever's
.....	43 C
Levering
.....	39 N
Lewisburg 409
.....	69 N
Lewisburg
[N Lewisburg] 936
.....	52 S
Lewis Ctr
.....	47 C
Lewistown 141
.....	45 C
Lewisville
.....	44 S
Lewisville 126
.....	68 N
